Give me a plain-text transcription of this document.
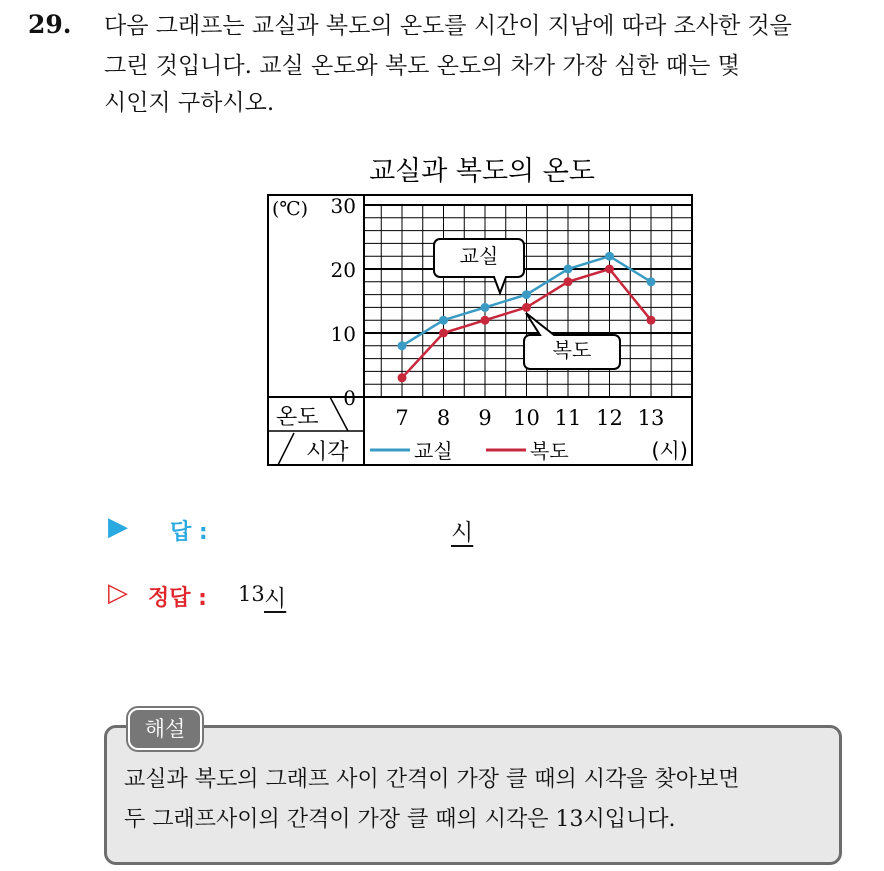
29. 다음 그래프는 교실과 복도의 온도를 시간이 지남에 따라 조사한 것을
그린 것입니다. 교실 온도와 복도 온도의 차가 가장 심한 때는 몇
시인지 구하시오.
교실과 복도의 온도
0
10
20
30
(℃)
온도
시각
7 8 9 10 11 12 13
(시)
교실	복도
교실
복도
▶ 답 :	시
▷ 정답 : 13 시
해설
교실과 복도의 그래프 사이 간격이 가장 클 때의 시각을 찾아보면
두 그래프사이의 간격이 가장 클 때의 시각은 13시입니다.
